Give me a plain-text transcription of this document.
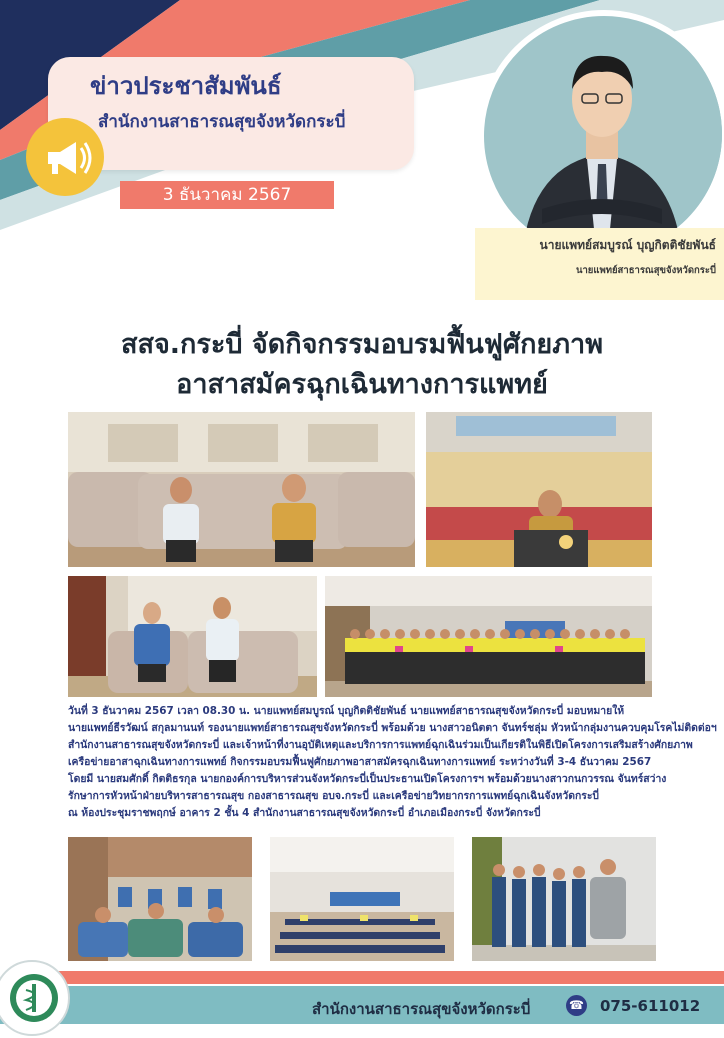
ข่าวประชาสัมพันธ์
สำนักงานสาธารณสุขจังหวัดกระบี่
3 ธันวาคม 2567
นายแพทย์สมบูรณ์ บุญกิตติชัยพันธ์
นายแพทย์สาธารณสุขจังหวัดกระบี่
สสจ.กระบี่ จัดกิจกรรมอบรมฟื้นฟูศักยภาพ
อาสาสมัครฉุกเฉินทางการแพทย์
วันที่ 3 ธันวาคม 2567 เวลา 08.30 น. นายแพทย์สมบูรณ์ บุญกิตติชัยพันธ์ นายแพทย์สาธารณสุขจังหวัดกระบี่ มอบหมายให้
นายแพทย์ธีรวัฒน์ สกุลมานนท์ รองนายแพทย์สาธารณสุขจังหวัดกระบี่ พร้อมด้วย นางสาวอนิตตา จันทร์ชลุ่ม หัวหน้ากลุ่มงานควบคุมโรคไม่ติดต่อฯ
สำนักงานสาธารณสุขจังหวัดกระบี่ และเจ้าหน้าที่งานอุบัติเหตุและบริการการแพทย์ฉุกเฉินร่วมเป็นเกียรติในพิธีเปิดโครงการเสริมสร้างศักยภาพ
เครือข่ายอาสาฉุกเฉินทางการแพทย์ กิจกรรมอบรมฟื้นฟูศักยภาพอาสาสมัครฉุกเฉินทางการแพทย์ ระหว่างวันที่ 3-4 ธันวาคม 2567
โดยมี นายสมศักดิ์ กิตติธรกุล นายกองค์การบริหารส่วนจังหวัดกระบี่เป็นประธานเปิดโครงการฯ พร้อมด้วยนางสาวกนกวรรณ จันทร์สว่าง
รักษาการหัวหน้าฝ่ายบริหารสาธารณสุข กองสาธารณสุข อบจ.กระบี่ และเครือข่ายวิทยากรการแพทย์ฉุกเฉินจังหวัดกระบี่
ณ ห้องประชุมราชพฤกษ์ อาคาร 2 ชั้น 4 สำนักงานสาธารณสุขจังหวัดกระบี่ อำเภอเมืองกระบี่ จังหวัดกระบี่
สำนักงานสาธารณสุขจังหวัดกระบี่	☎ 075-611012
